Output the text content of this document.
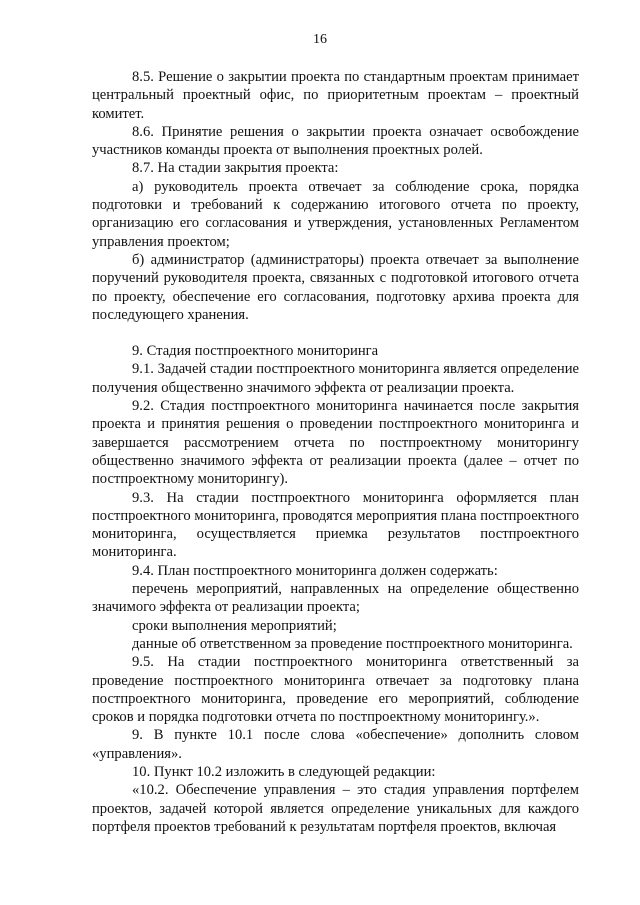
16

8.5. Решение о закрытии проекта по стандартным проектам принимает центральный проектный офис, по приоритетным проектам – проектный комитет.

8.6. Принятие решения о закрытии проекта означает освобождение участников команды проекта от выполнения проектных ролей.

8.7. На стадии закрытия проекта:

а) руководитель проекта отвечает за соблюдение срока, порядка подготовки и требований к содержанию итогового отчета по проекту, организацию его согласования и утверждения, установленных Регламентом управления проектом;

б) администратор (администраторы) проекта отвечает за выполнение поручений руководителя проекта, связанных с подготовкой итогового отчета по проекту, обеспечение его согласования, подготовку архива проекта для последующего хранения.

9. Стадия постпроектного мониторинга

9.1. Задачей стадии постпроектного мониторинга является определение получения общественно значимого эффекта от реализации проекта.

9.2. Стадия постпроектного мониторинга начинается после закрытия проекта и принятия решения о проведении постпроектного мониторинга и завершается рассмотрением отчета по постпроектному мониторингу общественно значимого эффекта от реализации проекта (далее – отчет по постпроектному мониторингу).

9.3. На стадии постпроектного мониторинга оформляется план постпроектного мониторинга, проводятся мероприятия плана постпроектного мониторинга, осуществляется приемка результатов постпроектного мониторинга.

9.4. План постпроектного мониторинга должен содержать:

перечень мероприятий, направленных на определение общественно значимого эффекта от реализации проекта;

сроки выполнения мероприятий;

данные об ответственном за проведение постпроектного мониторинга.

9.5. На стадии постпроектного мониторинга ответственный за проведение постпроектного мониторинга отвечает за подготовку плана постпроектного мониторинга, проведение его мероприятий, соблюдение сроков и порядка подготовки отчета по постпроектному мониторингу.».

9. В пункте 10.1 после слова «обеспечение» дополнить словом «управления».

10. Пункт 10.2 изложить в следующей редакции:

«10.2. Обеспечение управления – это стадия управления портфелем проектов, задачей которой является определение уникальных для каждого портфеля проектов требований к результатам портфеля проектов, включая
